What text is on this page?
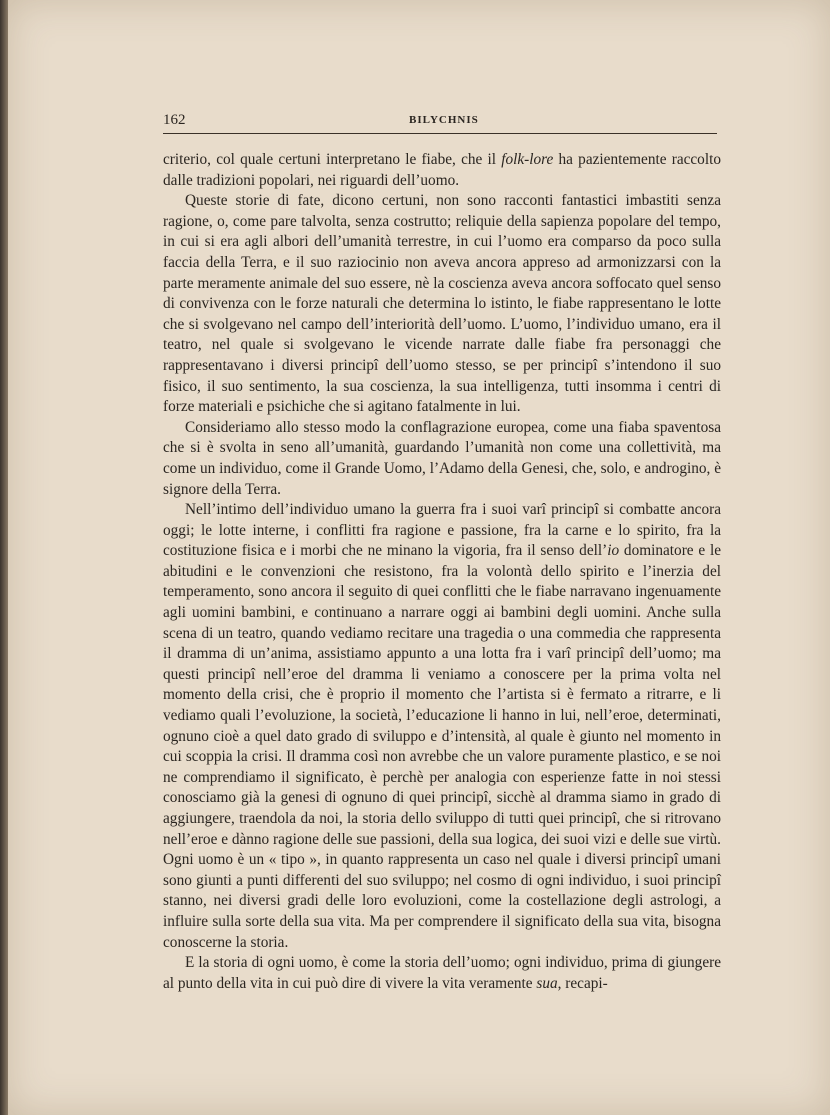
162	BILYCHNIS

criterio, col quale certuni interpretano le fiabe, che il folk-lore ha pazientemente raccolto dalle tradizioni popolari, nei riguardi dell’uomo.

Queste storie di fate, dicono certuni, non sono racconti fantastici imbastiti senza ragione, o, come pare talvolta, senza costrutto; reliquie della sapienza popolare del tempo, in cui si era agli albori dell’umanità terrestre, in cui l’uomo era comparso da poco sulla faccia della Terra, e il suo raziocinio non aveva ancora appreso ad armonizzarsi con la parte meramente animale del suo essere, nè la coscienza aveva ancora soffocato quel senso di convivenza con le forze naturali che determina lo istinto, le fiabe rappresentano le lotte che si svolgevano nel campo dell’interiorità dell’uomo. L’uomo, l’individuo umano, era il teatro, nel quale si svolgevano le vicende narrate dalle fiabe fra personaggi che rappresentavano i diversi principî dell’uomo stesso, se per principî s’intendono il suo fisico, il suo sentimento, la sua coscienza, la sua intelligenza, tutti insomma i centri di forze materiali e psichiche che si agitano fatalmente in lui.

Consideriamo allo stesso modo la conflagrazione europea, come una fiaba spaventosa che si è svolta in seno all’umanità, guardando l’umanità non come una collettività, ma come un individuo, come il Grande Uomo, l’Adamo della Genesi, che, solo, e androgino, è signore della Terra.

Nell’intimo dell’individuo umano la guerra fra i suoi varî principî si combatte ancora oggi; le lotte interne, i conflitti fra ragione e passione, fra la carne e lo spirito, fra la costituzione fisica e i morbi che ne minano la vigoria, fra il senso dell’io dominatore e le abitudini e le convenzioni che resistono, fra la volontà dello spirito e l’inerzia del temperamento, sono ancora il seguito di quei conflitti che le fiabe narravano ingenuamente agli uomini bambini, e continuano a narrare oggi ai bambini degli uomini. Anche sulla scena di un teatro, quando vediamo recitare una tragedia o una commedia che rappresenta il dramma di un’anima, assistiamo appunto a una lotta fra i varî principî dell’uomo; ma questi principî nell’eroe del dramma li veniamo a conoscere per la prima volta nel momento della crisi, che è proprio il momento che l’artista si è fermato a ritrarre, e li vediamo quali l’evoluzione, la società, l’educazione li hanno in lui, nell’eroe, determinati, ognuno cioè a quel dato grado di sviluppo e d’intensità, al quale è giunto nel momento in cui scoppia la crisi. Il dramma così non avrebbe che un valore puramente plastico, e se noi ne comprendiamo il significato, è perchè per analogia con esperienze fatte in noi stessi conosciamo già la genesi di ognuno di quei principî, sicchè al dramma siamo in grado di aggiungere, traendola da noi, la storia dello sviluppo di tutti quei principî, che si ritrovano nell’eroe e dànno ragione delle sue passioni, della sua logica, dei suoi vizi e delle sue virtù. Ogni uomo è un « tipo », in quanto rappresenta un caso nel quale i diversi principî umani sono giunti a punti differenti del suo sviluppo; nel cosmo di ogni individuo, i suoi principî stanno, nei diversi gradi delle loro evoluzioni, come la costellazione degli astrologi, a influire sulla sorte della sua vita. Ma per comprendere il significato della sua vita, bisogna conoscerne la storia.

E la storia di ogni uomo, è come la storia dell’uomo; ogni individuo, prima di giungere al punto della vita in cui può dire di vivere la vita veramente sua, recapi-
